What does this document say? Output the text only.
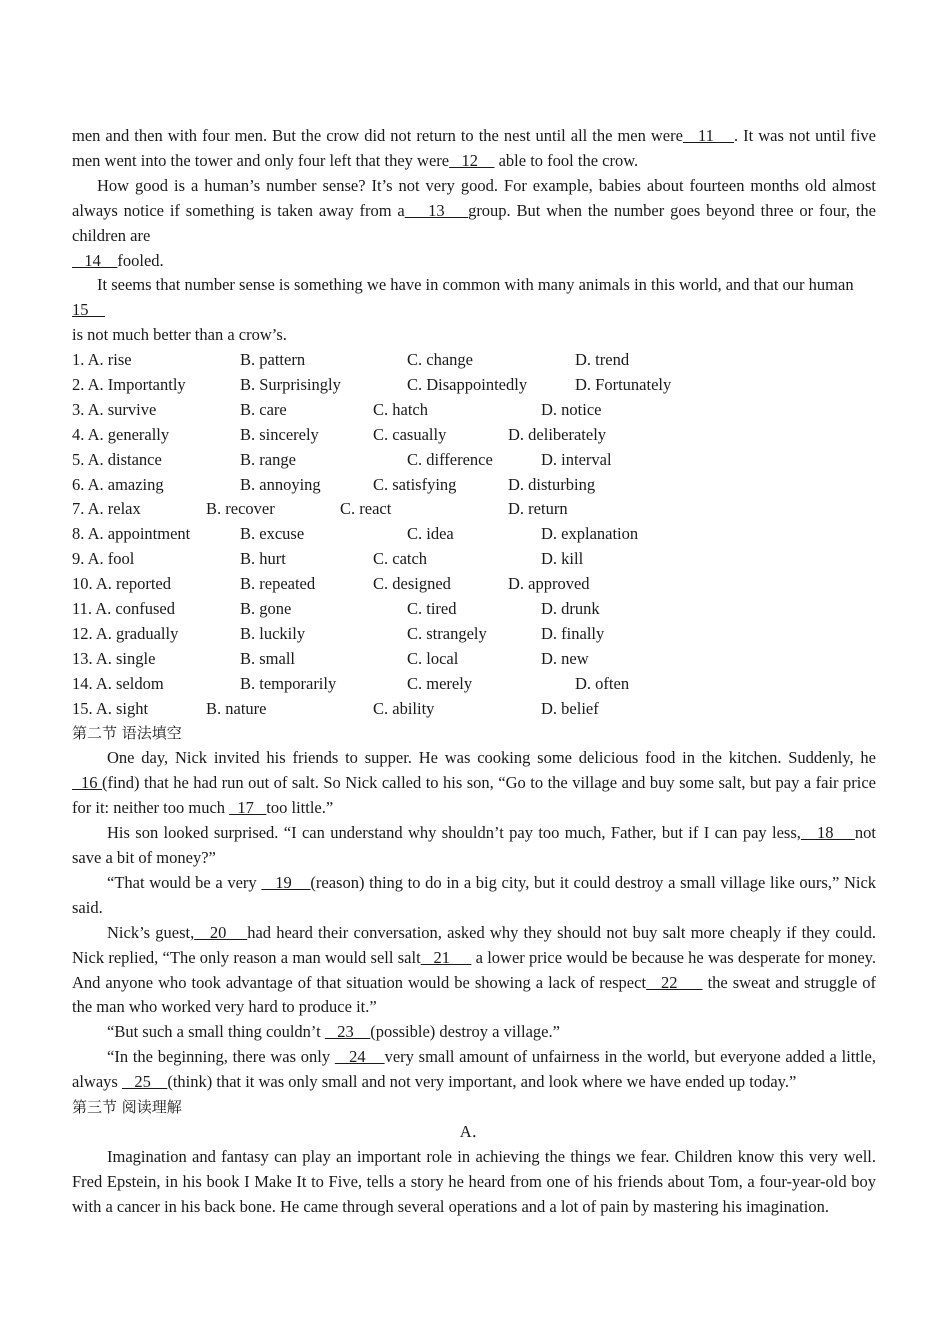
men and then with four men. But the crow did not return to the nest until all the men were   11    . It was not until five men went into the tower and only four left that they were   12     able to fool the crow.

How good is a human’s number sense? It’s not very good. For example, babies about fourteen months old almost always notice if something is taken away from a    13    group. But when the number goes beyond three or four, the children are

14    fooled.

It seems that number sense is something we have in common with many animals in this world, and that our human

15
is not much better than a crow’s.
1. A. rise	B. pattern	C. change	D. trend
2. A. Importantly	B. Surprisingly	C. Disappointedly	D. Fortunately
3. A. survive	B. care	C. hatch	D. notice
4. A. generally	B. sincerely	C. casually	D. deliberately
5. A. distance	B. range	C. difference	D. interval
6. A. amazing	B. annoying	C. satisfying	D. disturbing
7. A. relax	B. recover	C. react	D. return
8. A. appointment	B. excuse	C. idea	D. explanation
9. A. fool	B. hurt	C. catch	D. kill
10. A. reported	B. repeated	C. designed	D. approved
11. A. confused	B. gone	C. tired	D. drunk
12. A. gradually	B. luckily	C. strangely	D. finally
13. A. single	B. small	C. local	D. new
14. A. seldom	B. temporarily	C. merely	D. often
15. A. sight	B. nature	C. ability	D. belief
第二节 语法填空

One day, Nick invited his friends to supper. He was cooking some delicious food in the kitchen. Suddenly, he  16 (find) that he had run out of salt. So Nick called to his son, “Go to the village and buy some salt, but pay a fair price for it: neither too much   17   too little.”

His son looked surprised. “I can understand why shouldn’t pay too much, Father, but if I can pay less,   18    not save a bit of money?”

“That would be a very    19    (reason) thing to do in a big city, but it could destroy a small village like ours,” Nick said.

Nick’s guest,   20    had heard their conversation, asked why they should not buy salt more cheaply if they could. Nick replied, “The only reason a man would sell salt   21      a lower price would be because he was desperate for money. And anyone who took advantage of that situation would be showing a lack of respect   22      the sweat and struggle of the man who worked very hard to produce it.”

“But such a small thing couldn’t    23    (possible) destroy a village.”

“In the beginning, there was only    24    very small amount of unfairness in the world, but everyone added a little, always    25    (think) that it was only small and not very important, and look where we have ended up today.”

第三节 阅读理解
A．

Imagination and fantasy can play an important role in achieving the things we fear. Children know this very well. Fred Epstein, in his book I Make It to Five, tells a story he heard from one of his friends about Tom, a four-year-old boy with a cancer in his back bone. He came through several operations and a lot of pain by mastering his imagination.
